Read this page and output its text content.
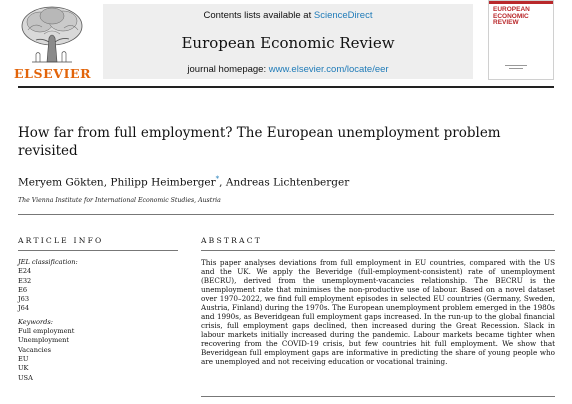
ELSEVIER
Contents lists available at ScienceDirect
European Economic Review
journal homepage: www.elsevier.com/locate/eer
EUROPEAN ECONOMIC REVIEW
How far from full employment? The European unemployment problem revisited
Meryem Gökten, Philipp Heimberger*, Andreas Lichtenberger
The Vienna Institute for International Economic Studies, Austria
ARTICLE INFO	ABSTRACT
JEL classification:
E24
E32
E6
J63
J64
Keywords:
Full employment
Unemployment
Vacancies
EU
UK
USA

This paper analyses deviations from full employment in EU countries, compared with the US and the UK. We apply the Beveridge (full-employment-consistent) rate of unemployment (BECRU), derived from the unemployment-vacancies relationship. The BECRU is the unemployment rate that minimises the non-productive use of labour. Based on a novel dataset over 1970–2022, we find full employment episodes in selected EU countries (Germany, Sweden, Austria, Finland) during the 1970s. The European unemployment problem emerged in the 1980s and 1990s, as Beveridgean full employment gaps increased. In the run-up to the global financial crisis, full employment gaps declined, then increased during the Great Recession. Slack in labour markets initially increased during the pandemic. Labour markets became tighter when recovering from the COVID-19 crisis, but few countries hit full employment. We show that Beveridgean full employment gaps are informative in predicting the share of young people who are unemployed and not receiving education or vocational training.
